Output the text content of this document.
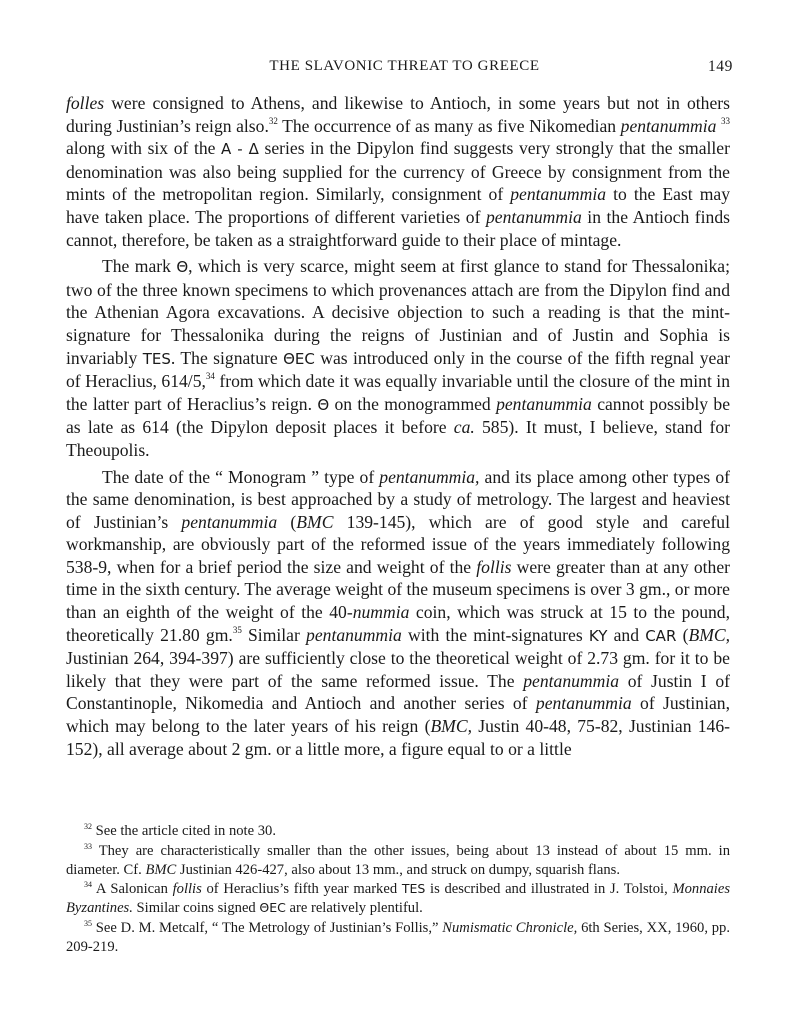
THE SLAVONIC THREAT TO GREECE	149

folles were consigned to Athens, and likewise to Antioch, in some years but not in others during Justinian’s reign also.$^{32}$ The occurrence of as many as five Nikomedian pentanummia $^{33}$ along with six of the A - Δ series in the Dipylon find suggests very strongly that the smaller denomination was also being supplied for the currency of Greece by consignment from the mints of the metropolitan region. Similarly, consignment of pentanummia to the East may have taken place. The proportions of different varieties of pentanummia in the Antioch finds cannot, therefore, be taken as a straightforward guide to their place of mintage.

The mark Θ, which is very scarce, might seem at first glance to stand for Thessalonika; two of the three known specimens to which provenances attach are from the Dipylon find and the Athenian Agora excavations. A decisive objection to such a reading is that the mint-signature for Thessalonika during the reigns of Justinian and of Justin and Sophia is invariably TES. The signature ΘEC was introduced only in the course of the fifth regnal year of Heraclius, 614/5,34 from which date it was equally invariable until the closure of the mint in the latter part of Heraclius’s reign. Θ on the monogrammed pentanummia cannot possibly be as late as 614 (the Dipylon deposit places it before ca. 585). It must, I believe, stand for Theoupolis.

The date of the “ Monogram ” type of pentanummia, and its place among other types of the same denomination, is best approached by a study of metrology. The largest and heaviest of Justinian’s pentanummia (BMC 139-145), which are of good style and careful workmanship, are obviously part of the reformed issue of the years immediately following 538-9, when for a brief period the size and weight of the follis were greater than at any other time in the sixth century. The average weight of the museum specimens is over 3 gm., or more than an eighth of the weight of the 40-nummia coin, which was struck at 15 to the pound, theoretically 21.80 gm.$^{35}$ Similar pentanummia with the mint-signatures KY and CAR (BMC, Justinian 264, 394-397) are sufficiently close to the theoretical weight of 2.73 gm. for it to be likely that they were part of the same reformed issue. The pentanummia of Justin I of Constantinople, Nikomedia and Antioch and another series of pentanummia of Justinian, which may belong to the later years of his reign (BMC, Justin 40-48, 75-82, Justinian 146-152), all average about 2 gm. or a little more, a figure equal to or a little

$^{32}$ See the article cited in note 30.

$^{33}$ They are characteristically smaller than the other issues, being about 13 instead of about 15 mm. in diameter. Cf. BMC Justinian 426-427, also about 13 mm., and struck on dumpy, squarish flans.

$^{34}$ A Salonican follis of Heraclius’s fifth year marked TES is described and illustrated in J. Tolstoi, Monnaies Byzantines. Similar coins signed ΘEC are relatively plentiful.

$^{35}$ See D. M. Metcalf, “ The Metrology of Justinian’s Follis,” Numismatic Chronicle, 6th Series, XX, 1960, pp. 209-219.
